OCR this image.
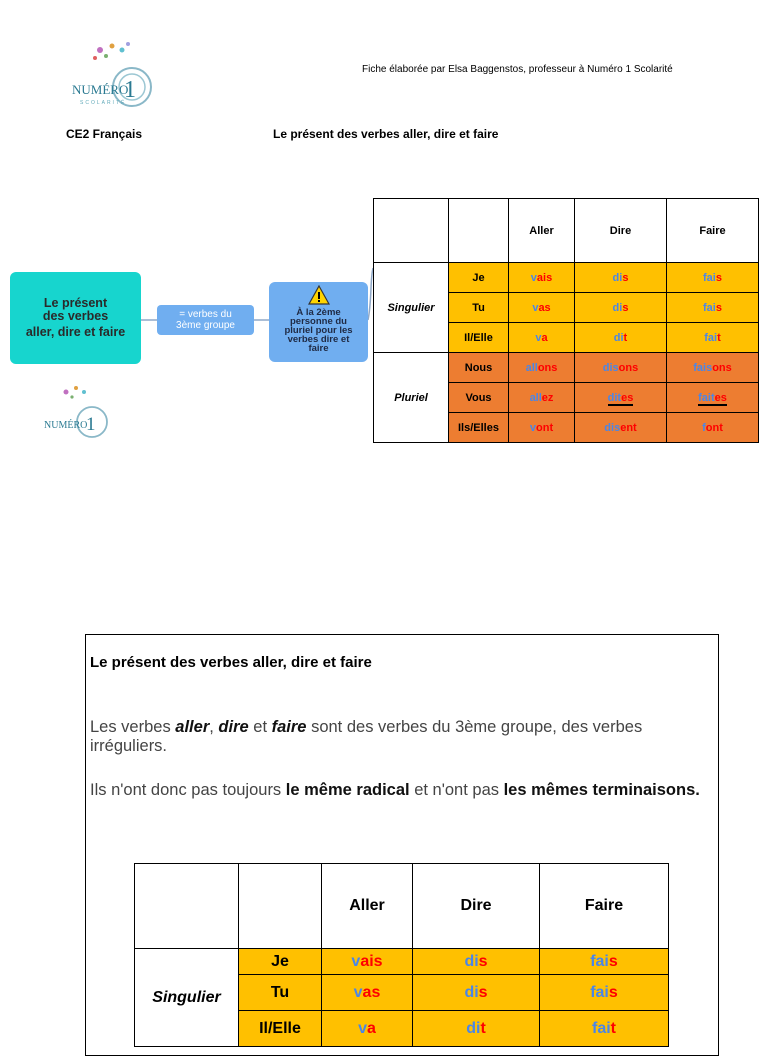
NUMÉRO
1
SCOLARITÉ
Fiche élaborée par Elsa Baggenstos, professeur à Numéro 1 Scolarité
CE2 Français	Le présent des verbes aller, dire et faire
Le présent
des verbes
aller, dire et faire
= verbes du
3ème groupe
À la 2ème
personne du
pluriel pour les
verbes dire et
faire
NUMÉRO
1
		Aller	Dire	Faire
Singulier	Je	vais	dis	fais
	Tu	vas	dis	fais
	Il/Elle	va	dit	fait
Pluriel	Nous	allons	disons	faisons
	Vous	allez	dites	faites
	Ils/Elles	vont	disent	font
Le présent des verbes aller, dire et faire
Les verbes aller, dire et faire sont des verbes du 3ème groupe, des verbes irréguliers.
Ils n'ont donc pas toujours le même radical et n'ont pas les mêmes terminaisons.
		Aller	Dire	Faire
Singulier	Je	vais	dis	fais
	Tu	vas	dis	fais
	Il/Elle	va	dit	fait
